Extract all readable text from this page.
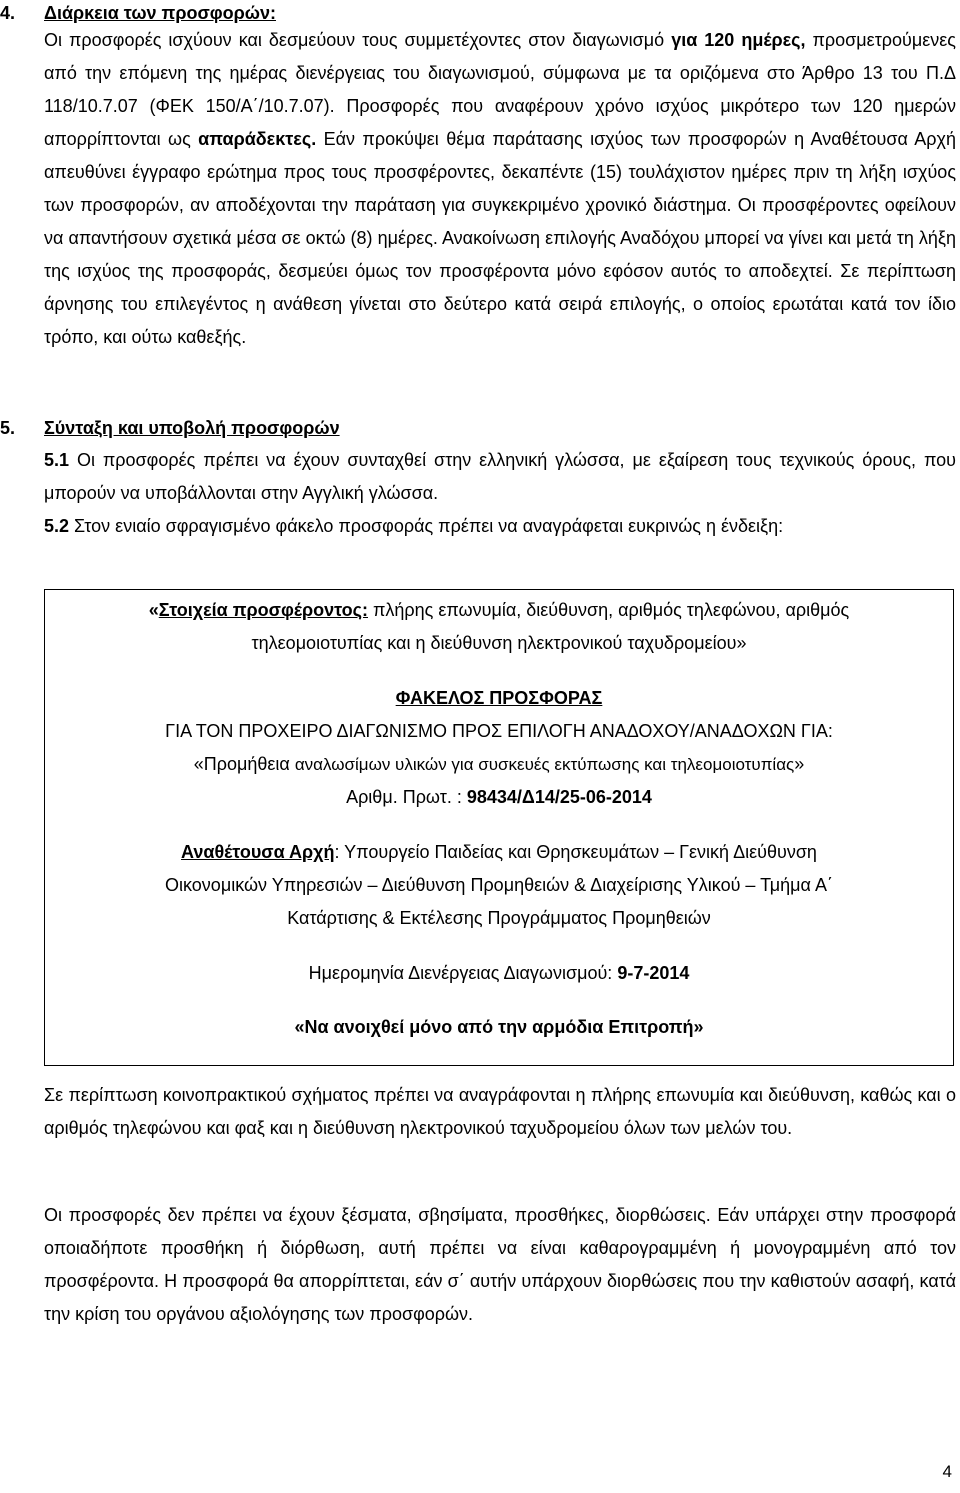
4. Διάρκεια των προσφορών:

Οι προσφορές ισχύουν και δεσμεύουν τους συμμετέχοντες στον διαγωνισμό για 120 ημέρες, προσμετρούμενες από την επόμενη της ημέρας διενέργειας του διαγωνισμού, σύμφωνα με τα οριζόμενα στο Άρθρο 13 του Π.Δ 118/10.7.07 (ΦΕΚ 150/Α΄/10.7.07). Προσφορές που αναφέρουν χρόνο ισχύος μικρότερο των 120 ημερών απορρίπτονται ως απαράδεκτες. Εάν προκύψει θέμα παράτασης ισχύος των προσφορών η Αναθέτουσα Αρχή απευθύνει έγγραφο ερώτημα προς τους προσφέροντες, δεκαπέντε (15) τουλάχιστον ημέρες πριν τη λήξη ισχύος των προσφορών, αν αποδέχονται την παράταση για συγκεκριμένο χρονικό διάστημα. Οι προσφέροντες οφείλουν να απαντήσουν σχετικά μέσα σε οκτώ (8) ημέρες. Ανακοίνωση επιλογής Αναδόχου μπορεί να γίνει και μετά τη λήξη της ισχύος της προσφοράς, δεσμεύει όμως τον προσφέροντα μόνο εφόσον αυτός το αποδεχτεί. Σε περίπτωση άρνησης του επιλεγέντος η ανάθεση γίνεται στο δεύτερο κατά σειρά επιλογής, ο οποίος ερωτάται κατά τον ίδιο τρόπο, και ούτω καθεξής.

5. Σύνταξη και υποβολή προσφορών

5.1 Οι προσφορές πρέπει να έχουν συνταχθεί στην ελληνική γλώσσα, με εξαίρεση τους τεχνικούς όρους, που μπορούν να υποβάλλονται στην Αγγλική γλώσσα.

5.2 Στον ενιαίο σφραγισμένο φάκελο προσφοράς πρέπει να αναγράφεται ευκρινώς η ένδειξη:

«Στοιχεία προσφέροντος: πλήρης επωνυμία, διεύθυνση, αριθμός τηλεφώνου, αριθμός
τηλεομοιοτυπίας και η διεύθυνση ηλεκτρονικού ταχυδρομείου»
ΦΑΚΕΛΟΣ ΠΡΟΣΦΟΡΑΣ
ΓΙΑ ΤΟΝ ΠΡΟΧΕΙΡΟ ΔΙΑΓΩΝΙΣΜΟ ΠΡΟΣ ΕΠΙΛΟΓΗ ΑΝΑΔΟΧΟΥ/ΑΝΑΔΟΧΩΝ ΓΙΑ:
«Προμήθεια αναλωσίμων υλικών για συσκευές εκτύπωσης και τηλεομοιοτυπίας»
Αριθμ. Πρωτ. : 98434/Δ14/25-06-2014
Αναθέτουσα Αρχή: Υπουργείο Παιδείας και Θρησκευμάτων – Γενική Διεύθυνση
Οικονομικών Υπηρεσιών – Διεύθυνση Προμηθειών & Διαχείρισης Υλικού – Τμήμα Α΄
Κατάρτισης & Εκτέλεσης Προγράμματος Προμηθειών
Ημερομηνία Διενέργειας Διαγωνισμού: 9-7-2014
«Να ανοιχθεί μόνο από την αρμόδια Επιτροπή»

Σε περίπτωση κοινοπρακτικού σχήματος πρέπει να αναγράφονται η πλήρης επωνυμία και διεύθυνση, καθώς και ο αριθμός τηλεφώνου και φαξ και η διεύθυνση ηλεκτρονικού ταχυδρομείου όλων των μελών του.

Οι προσφορές δεν πρέπει να έχουν ξέσματα, σβησίματα, προσθήκες, διορθώσεις. Εάν υπάρχει στην προσφορά οποιαδήποτε προσθήκη ή διόρθωση, αυτή πρέπει να είναι καθαρογραμμένη ή μονογραμμένη από τον προσφέροντα. Η προσφορά θα απορρίπτεται, εάν σ΄ αυτήν υπάρχουν διορθώσεις που την καθιστούν ασαφή, κατά την κρίση του οργάνου αξιολόγησης των προσφορών.

4
